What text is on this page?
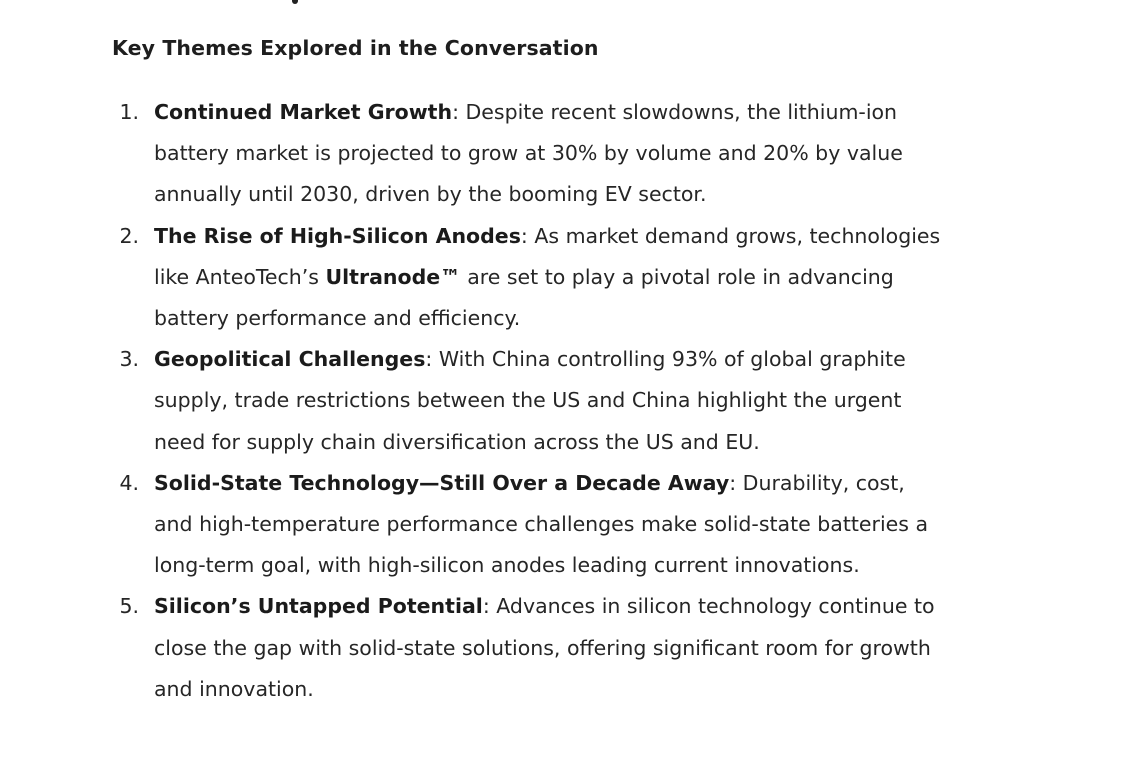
Key Themes Explored in the Conversation
1. Continued Market Growth: Despite recent slowdowns, the lithium-ion battery market is projected to grow at 30% by volume and 20% by value annually until 2030, driven by the booming EV sector.
2. The Rise of High-Silicon Anodes: As market demand grows, technologies like AnteoTech’s Ultranode™ are set to play a pivotal role in advancing battery performance and efficiency.
3. Geopolitical Challenges: With China controlling 93% of global graphite supply, trade restrictions between the US and China highlight the urgent need for supply chain diversification across the US and EU.
4. Solid-State Technology—Still Over a Decade Away: Durability, cost, and high-temperature performance challenges make solid-state batteries a long-term goal, with high-silicon anodes leading current innovations.
5. Silicon’s Untapped Potential: Advances in silicon technology continue to close the gap with solid-state solutions, offering significant room for growth and innovation.
